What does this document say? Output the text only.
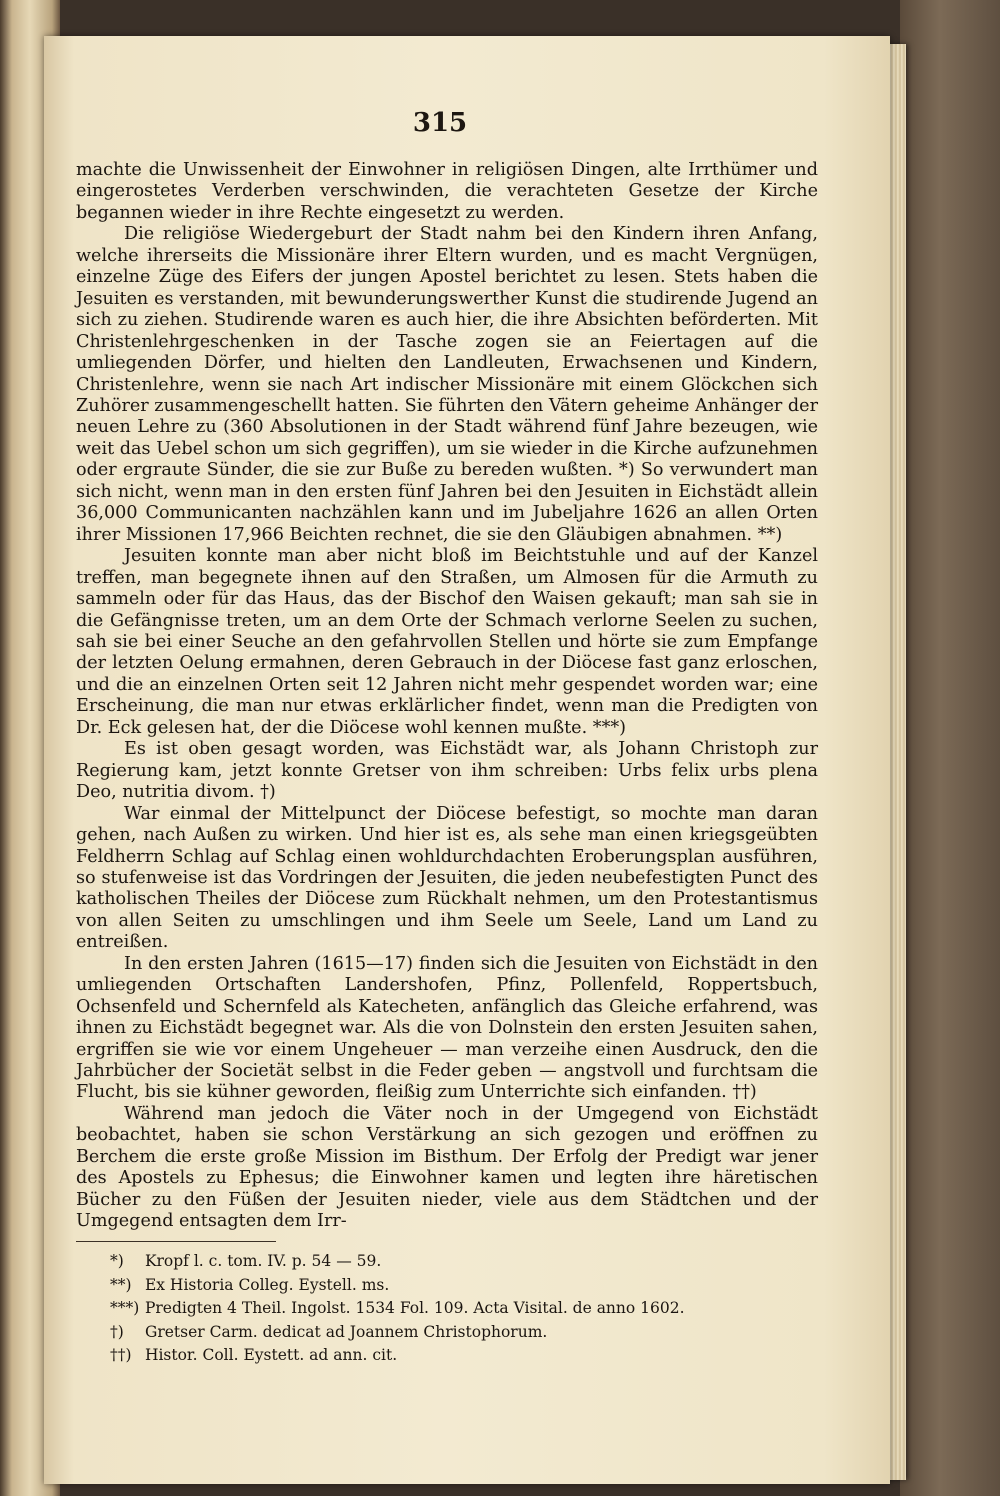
315

machte die Unwissenheit der Einwohner in religiösen Dingen, alte Irrthümer und eingerostetes Verderben verschwinden, die verachteten Gesetze der Kirche begannen wieder in ihre Rechte eingesetzt zu werden.

Die religiöse Wiedergeburt der Stadt nahm bei den Kindern ihren Anfang, welche ihrerseits die Missionäre ihrer Eltern wurden, und es macht Vergnügen, einzelne Züge des Eifers der jungen Apostel berichtet zu lesen. Stets haben die Jesuiten es verstanden, mit bewunderungswerther Kunst die studirende Jugend an sich zu ziehen. Studirende waren es auch hier, die ihre Absichten beförderten. Mit Christenlehrgeschenken in der Tasche zogen sie an Feiertagen auf die umliegenden Dörfer, und hielten den Landleuten, Erwachsenen und Kindern, Christenlehre, wenn sie nach Art indischer Missionäre mit einem Glöckchen sich Zuhörer zusammengeschellt hatten. Sie führten den Vätern geheime Anhänger der neuen Lehre zu (360 Absolutionen in der Stadt während fünf Jahre bezeugen, wie weit das Uebel schon um sich gegriffen), um sie wieder in die Kirche aufzunehmen oder ergraute Sünder, die sie zur Buße zu bereden wußten. *) So verwundert man sich nicht, wenn man in den ersten fünf Jahren bei den Jesuiten in Eichstädt allein 36,000 Communicanten nachzählen kann und im Jubeljahre 1626 an allen Orten ihrer Missionen 17,966 Beichten rechnet, die sie den Gläubigen abnahmen. **)

Jesuiten konnte man aber nicht bloß im Beichtstuhle und auf der Kanzel treffen, man begegnete ihnen auf den Straßen, um Almosen für die Armuth zu sammeln oder für das Haus, das der Bischof den Waisen gekauft; man sah sie in die Gefängnisse treten, um an dem Orte der Schmach verlorne Seelen zu suchen, sah sie bei einer Seuche an den gefahrvollen Stellen und hörte sie zum Empfange der letzten Oelung ermahnen, deren Gebrauch in der Diöcese fast ganz erloschen, und die an einzelnen Orten seit 12 Jahren nicht mehr gespendet worden war; eine Erscheinung, die man nur etwas erklärlicher findet, wenn man die Predigten von Dr. Eck gelesen hat, der die Diöcese wohl kennen mußte. ***)

Es ist oben gesagt worden, was Eichstädt war, als Johann Christoph zur Regierung kam, jetzt konnte Gretser von ihm schreiben: Urbs felix urbs plena Deo, nutritia divom. †)

War einmal der Mittelpunct der Diöcese befestigt, so mochte man daran gehen, nach Außen zu wirken. Und hier ist es, als sehe man einen kriegsgeübten Feldherrn Schlag auf Schlag einen wohldurchdachten Eroberungsplan ausführen, so stufenweise ist das Vordringen der Jesuiten, die jeden neubefestigten Punct des katholischen Theiles der Diöcese zum Rückhalt nehmen, um den Protestantismus von allen Seiten zu umschlingen und ihm Seele um Seele, Land um Land zu entreißen.

In den ersten Jahren (1615—17) finden sich die Jesuiten von Eichstädt in den umliegenden Ortschaften Landershofen, Pfinz, Pollenfeld, Roppertsbuch, Ochsenfeld und Schernfeld als Katecheten, anfänglich das Gleiche erfahrend, was ihnen zu Eichstädt begegnet war. Als die von Dolnstein den ersten Jesuiten sahen, ergriffen sie wie vor einem Ungeheuer — man verzeihe einen Ausdruck, den die Jahrbücher der Societät selbst in die Feder geben — angstvoll und furchtsam die Flucht, bis sie kühner geworden, fleißig zum Unterrichte sich einfanden. ††)

Während man jedoch die Väter noch in der Umgegend von Eichstädt beobachtet, haben sie schon Verstärkung an sich gezogen und eröffnen zu Berchem die erste große Mission im Bisthum. Der Erfolg der Predigt war jener des Apostels zu Ephesus; die Einwohner kamen und legten ihre häretischen Bücher zu den Füßen der Jesuiten nieder, viele aus dem Städtchen und der Umgegend entsagten dem Irr-

*) Kropf l. c. tom. IV. p. 54 — 59.
**) Ex Historia Colleg. Eystell. ms.
***) Predigten 4 Theil. Ingolst. 1534 Fol. 109. Acta Visital. de anno 1602.
†) Gretser Carm. dedicat ad Joannem Christophorum.
††) Histor. Coll. Eystett. ad ann. cit.
